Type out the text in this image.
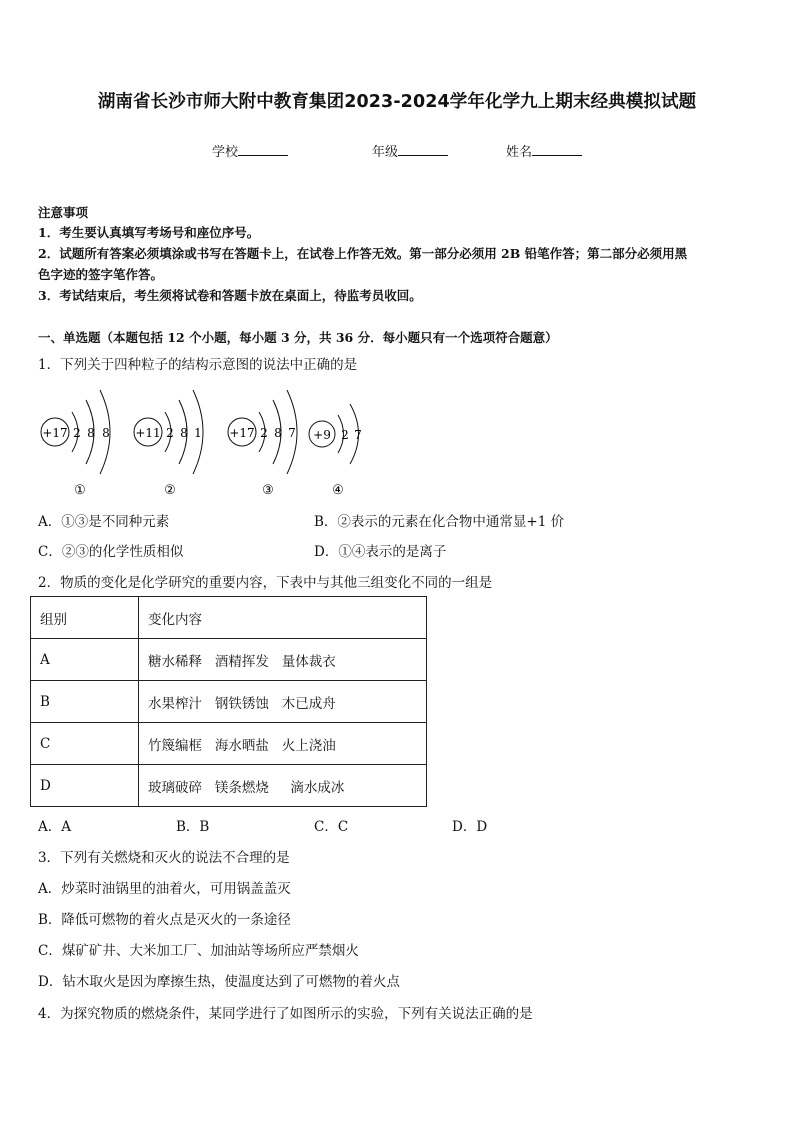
湖南省长沙市师大附中教育集团2023-2024学年化学九上期末经典模拟试题
学校	年级	姓名
注意事项
1．考生要认真填写考场号和座位序号。
2．试题所有答案必须填涂或书写在答题卡上，在试卷上作答无效。第一部分必须用 2B 铅笔作答；第二部分必须用黑
色字迹的签字笔作答。
3．考试结束后，考生须将试卷和答题卡放在桌面上，待监考员收回。
一、单选题（本题包括 12 个小题，每小题 3 分，共 36 分．每小题只有一个选项符合题意）
1．下列关于四种粒子的结构示意图的说法中正确的是
+17 2 8 8
①
+11 2 8 1
②
+17 2 8 7
③
+9 2 7
④
A．①③是不同种元素	B．②表示的元素在化合物中通常显+1 价
C．②③的化学性质相似	D．①④表示的是离子
2．物质的变化是化学研究的重要内容，下表中与其他三组变化不同的一组是
组别	变化内容
A	糖水稀释   酒精挥发   量体裁衣
B	水果榨汁   钢铁锈蚀   木已成舟
C	竹篾编框   海水晒盐   火上浇油
D	玻璃破碎   镁条燃烧     滴水成冰
A．A	B．B	C．C	D．D
3．下列有关燃烧和灭火的说法不合理的是
A．炒菜时油锅里的油着火，可用锅盖盖灭
B．降低可燃物的着火点是灭火的一条途径
C．煤矿矿井、大米加工厂、加油站等场所应严禁烟火
D．钻木取火是因为摩擦生热，使温度达到了可燃物的着火点
4．为探究物质的燃烧条件，某同学进行了如图所示的实验，下列有关说法正确的是
